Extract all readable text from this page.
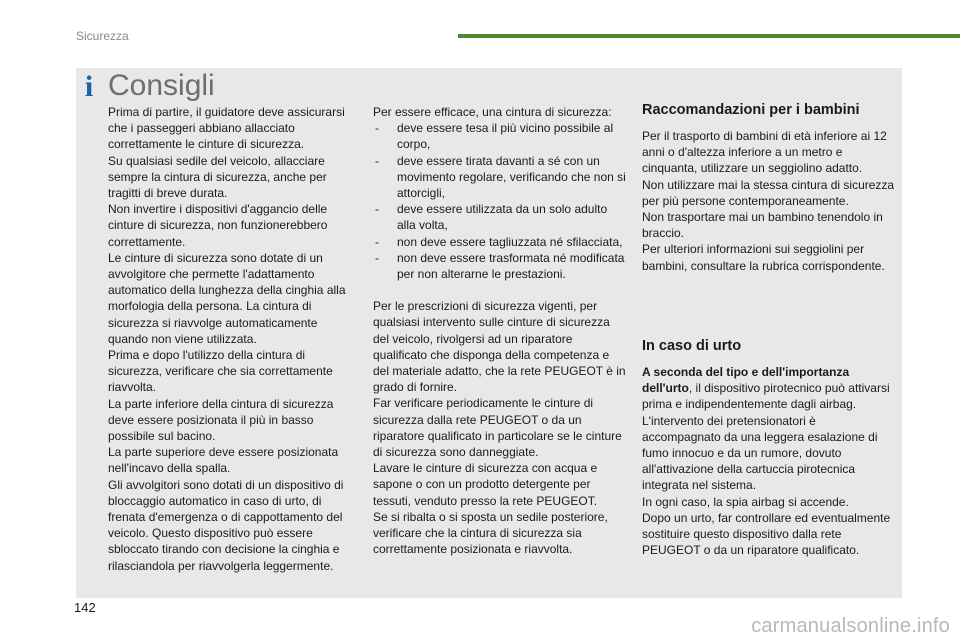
Sicurezza
i Consigli

Prima di partire, il guidatore deve assicurarsi che i passeggeri abbiano allacciato correttamente le cinture di sicurezza.

Su qualsiasi sedile del veicolo, allacciare sempre la cintura di sicurezza, anche per tragitti di breve durata.

Non invertire i dispositivi d'aggancio delle cinture di sicurezza, non funzionerebbero correttamente.

Le cinture di sicurezza sono dotate di un avvolgitore che permette l'adattamento automatico della lunghezza della cinghia alla morfologia della persona. La cintura di sicurezza si riavvolge automaticamente quando non viene utilizzata.

Prima e dopo l'utilizzo della cintura di sicurezza, verificare che sia correttamente riavvolta.

La parte inferiore della cintura di sicurezza deve essere posizionata il più in basso possibile sul bacino.

La parte superiore deve essere posizionata nell'incavo della spalla.

Gli avvolgitori sono dotati di un dispositivo di bloccaggio automatico in caso di urto, di frenata d'emergenza o di cappottamento del veicolo. Questo dispositivo può essere sbloccato tirando con decisione la cinghia e rilasciandola per riavvolgerla leggermente.

Per essere efficace, una cintura di sicurezza:

- deve essere tesa il più vicino possibile al corpo,
- deve essere tirata davanti a sé con un movimento regolare, verificando che non si attorcigli,
- deve essere utilizzata da un solo adulto alla volta,
- non deve essere tagliuzzata né sfilacciata,
- non deve essere trasformata né modificata per non alterarne le prestazioni.

Per le prescrizioni di sicurezza vigenti, per qualsiasi intervento sulle cinture di sicurezza del veicolo, rivolgersi ad un riparatore qualificato che disponga della competenza e del materiale adatto, che la rete PEUGEOT è in grado di fornire.

Far verificare periodicamente le cinture di sicurezza dalla rete PEUGEOT o da un riparatore qualificato in particolare se le cinture di sicurezza sono danneggiate.

Lavare le cinture di sicurezza con acqua e sapone o con un prodotto detergente per tessuti, venduto presso la rete PEUGEOT.

Se si ribalta o si sposta un sedile posteriore, verificare che la cintura di sicurezza sia correttamente posizionata e riavvolta.

Raccomandazioni per i bambini

Per il trasporto di bambini di età inferiore ai 12 anni o d'altezza inferiore a un metro e cinquanta, utilizzare un seggiolino adatto.

Non utilizzare mai la stessa cintura di sicurezza per più persone contemporaneamente.

Non trasportare mai un bambino tenendolo in braccio.

Per ulteriori informazioni sui seggiolini per bambini, consultare la rubrica corrispondente.

In caso di urto

A seconda del tipo e dell'importanza dell'urto, il dispositivo pirotecnico può attivarsi prima e indipendentemente dagli airbag. L'intervento dei pretensionatori è accompagnato da una leggera esalazione di fumo innocuo e da un rumore, dovuto all'attivazione della cartuccia pirotecnica integrata nel sistema.

In ogni caso, la spia airbag si accende.

Dopo un urto, far controllare ed eventualmente sostituire questo dispositivo dalla rete PEUGEOT o da un riparatore qualificato.

142
carmanualsonline.info
